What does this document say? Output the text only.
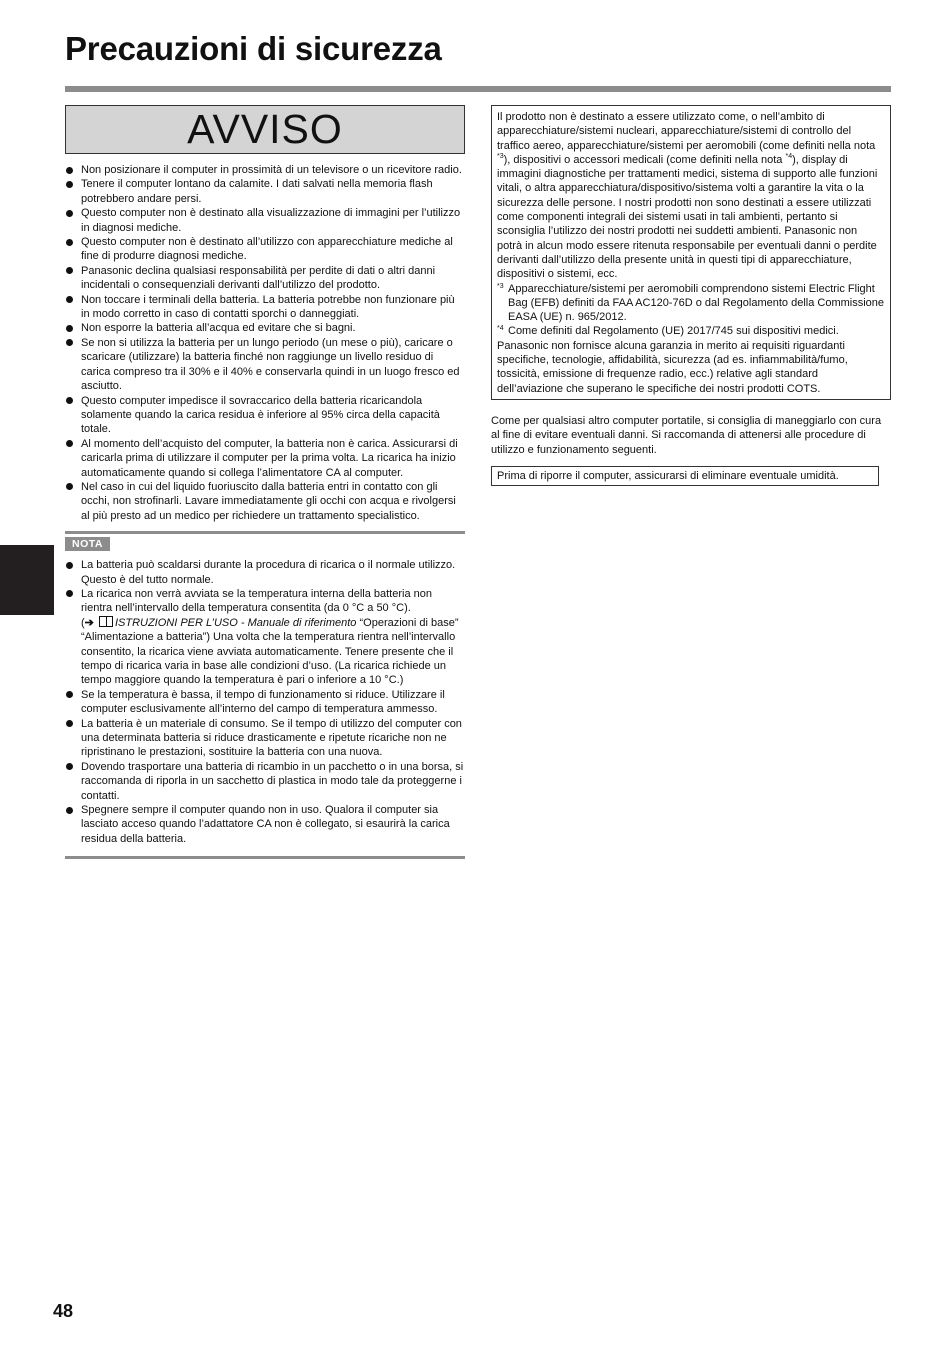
Precauzioni di sicurezza
AVVISO
Non posizionare il computer in prossimità di un televisore o un ricevitore radio.
Tenere il computer lontano da calamite. I dati salvati nella memoria flash potrebbero andare persi.
Questo computer non è destinato alla visualizzazione di immagini per l’utilizzo in diagnosi mediche.
Questo computer non è destinato all’utilizzo con apparecchiature mediche al fine di produrre diagnosi mediche.
Panasonic declina qualsiasi responsabilità per perdite di dati o altri danni incidentali o consequenziali derivanti dall’utilizzo del prodotto.
Non toccare i terminali della batteria. La batteria potrebbe non funzionare più in modo corretto in caso di contatti sporchi o danneggiati.
Non esporre la batteria all’acqua ed evitare che si bagni.
Se non si utilizza la batteria per un lungo periodo (un mese o più), caricare o scaricare (utilizzare) la batteria finché non raggiunge un livello residuo di carica compreso tra il 30% e il 40% e conservarla quindi in un luogo fresco ed asciutto.
Questo computer impedisce il sovraccarico della batteria ricaricandola solamente quando la carica residua è inferiore al 95% circa della capacità totale.
Al momento dell’acquisto del computer, la batteria non è carica. Assicurarsi di caricarla prima di utilizzare il computer per la prima volta. La ricarica ha inizio automaticamente quando si collega l’alimentatore CA al computer.
Nel caso in cui del liquido fuoriuscito dalla batteria entri in contatto con gli occhi, non strofinarli. Lavare immediatamente gli occhi con acqua e rivolgersi al più presto ad un medico per richiedere un trattamento specialistico.
NOTA
La batteria può scaldarsi durante la procedura di ricarica o il normale utilizzo. Questo è del tutto normale.
La ricarica non verrà avviata se la temperatura interna della batteria non rientra nell’intervallo della temperatura consentita (da 0 °C a 50 °C).
(➔ ISTRUZIONI PER L’USO - Manuale di riferimento “Operazioni di base” “Alimentazione a batteria”) Una volta che la temperatura rientra nell’intervallo consentito, la ricarica viene avviata automaticamente. Tenere presente che il tempo di ricarica varia in base alle condizioni d’uso. (La ricarica richiede un tempo maggiore quando la temperatura è pari o inferiore a 10 °C.)
Se la temperatura è bassa, il tempo di funzionamento si riduce. Utilizzare il computer esclusivamente all’interno del campo di temperatura ammesso.
La batteria è un materiale di consumo. Se il tempo di utilizzo del computer con una determinata batteria si riduce drasticamente e ripetute ricariche non ne ripristinano le prestazioni, sostituire la batteria con una nuova.
Dovendo trasportare una batteria di ricambio in un pacchetto o in una borsa, si raccomanda di riporla in un sacchetto di plastica in modo tale da proteggerne i contatti.
Spegnere sempre il computer quando non in uso. Qualora il computer sia lasciato acceso quando l’adattatore CA non è collegato, si esaurirà la carica residua della batteria.
Il prodotto non è destinato a essere utilizzato come, o nell’ambito di apparecchiature/sistemi nucleari, apparecchiature/sistemi di controllo del traffico aereo, apparecchiature/sistemi per aeromobili (come definiti nella nota $^{*3}$), dispositivi o accessori medicali (come definiti nella nota $^{*4}$), display di immagini diagnostiche per trattamenti medici, sistema di supporto alle funzioni vitali, o altra apparecchiatura/dispositivo/sistema volti a garantire la vita o la sicurezza delle persone. I nostri prodotti non sono destinati a essere utilizzati come componenti integrali dei sistemi usati in tali ambienti, pertanto si sconsiglia l’utilizzo dei nostri prodotti nei suddetti ambienti. Panasonic non potrà in alcun modo essere ritenuta responsabile per eventuali danni o perdite derivanti dall’utilizzo della presente unità in questi tipi di apparecchiature, dispositivi o sistemi, ecc.
*3 Apparecchiature/sistemi per aeromobili comprendono sistemi Electric Flight Bag (EFB) definiti da FAA AC120-76D o dal Regolamento della Commissione EASA (UE) n. 965/2012.
*4 Come definiti dal Regolamento (UE) 2017/745 sui dispositivi medici.
Panasonic non fornisce alcuna garanzia in merito ai requisiti riguardanti specifiche, tecnologie, affidabilità, sicurezza (ad es. infiammabilità/fumo, tossicità, emissione di frequenze radio, ecc.) relative agli standard dell’aviazione che superano le specifiche dei nostri prodotti COTS.
Come per qualsiasi altro computer portatile, si consiglia di maneggiarlo con cura al fine di evitare eventuali danni. Si raccomanda di attenersi alle procedure di utilizzo e funzionamento seguenti.
Prima di riporre il computer, assicurarsi di eliminare eventuale umidità.
48
